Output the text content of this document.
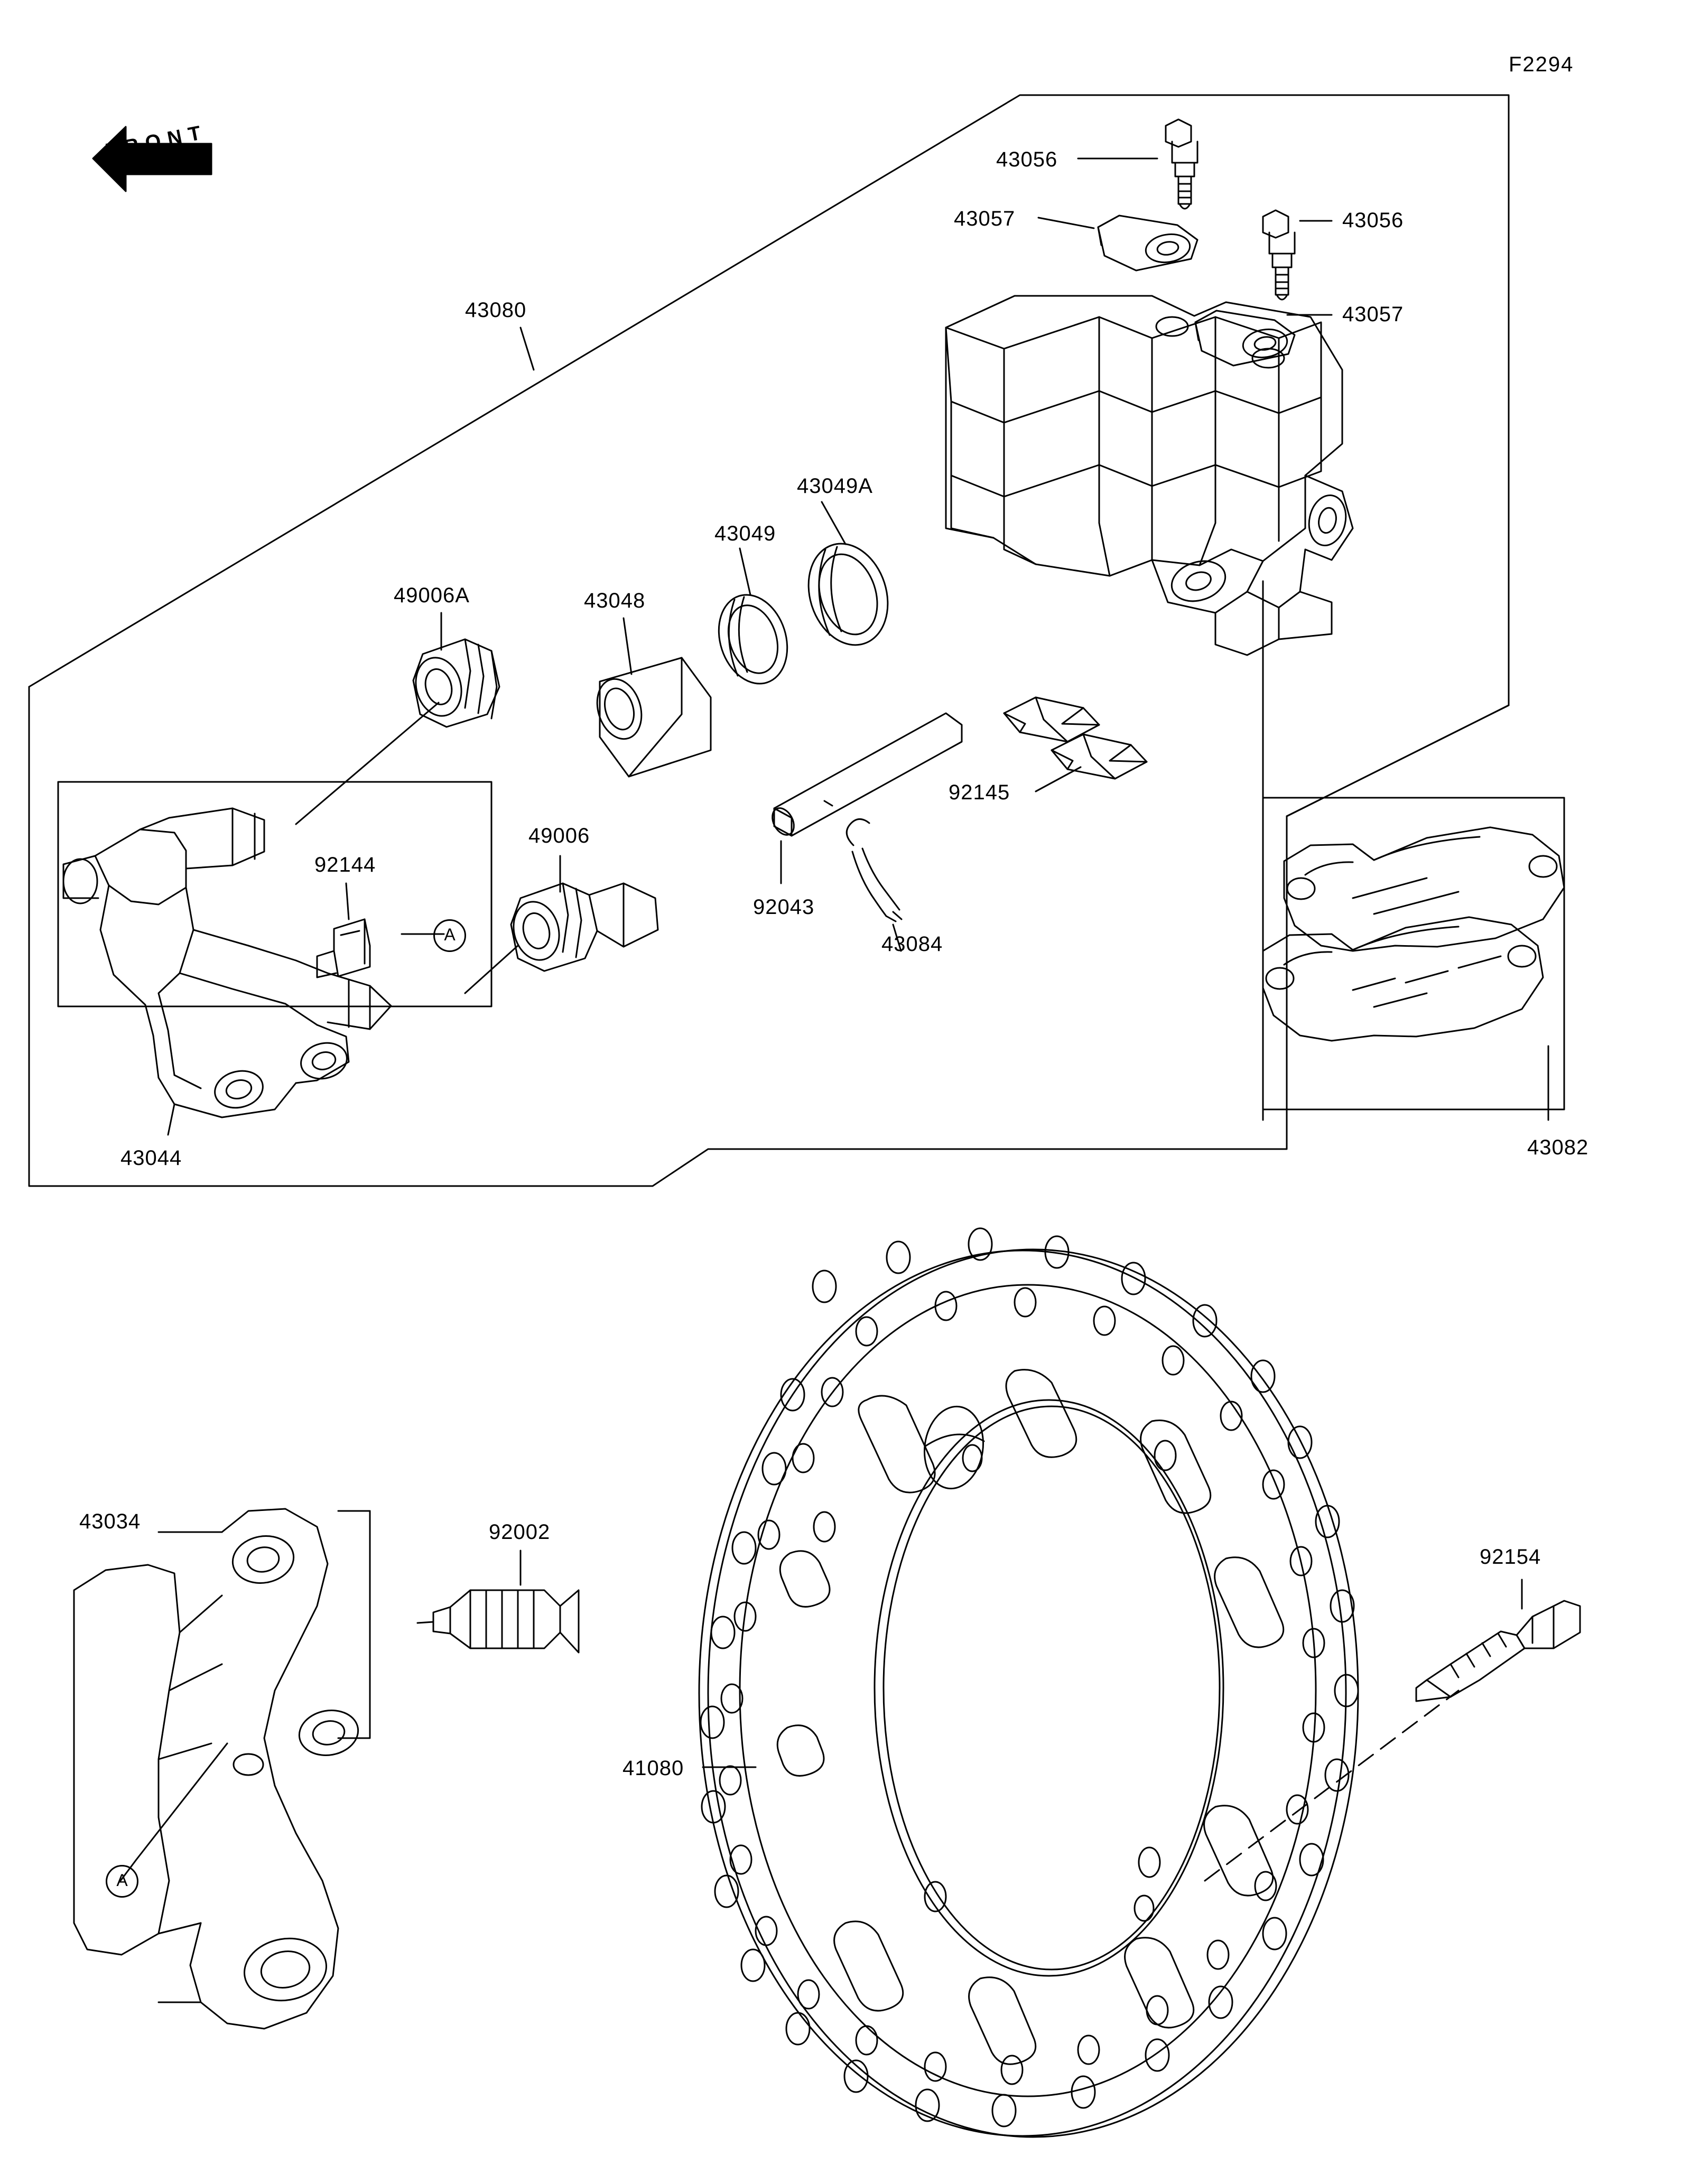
F2294
FRONT
43080
43056
43056
43057
43057
43049A
43049
43048
49006A
49006
92144
43044
92043
43084
92145
43082
43034	92002
41080
92154
A
A
